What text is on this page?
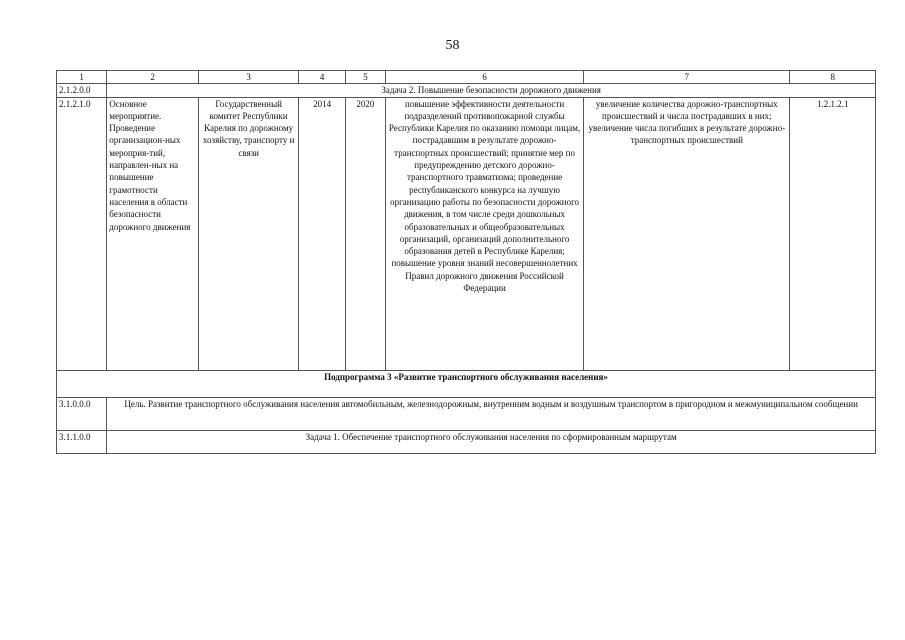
58
1	2	3	4	5	6	7	8
2.1.2.0.0	Задача 2. Повышение безопасности дорожного движения						
2.1.2.1.0	Основное мероприятие. Проведение организацион-ных мероприя-тий, направлен-ных на повышение грамотности населения в области безопасности дорожного движения	Государственный комитет Республики Карелия по дорожному хозяйству, транспорту и связи	2014	2020	повышение эффективности деятельности подразделений противопожарной службы Республики Карелия по оказанию помощи лицам, пострадавшим в результате дорожно-транспортных происшествий; принятие мер по предупреждению детского дорожно-транспортного травматизма; проведение республиканского конкурса на лучшую организацию работы по безопасности дорожного движения, в том числе среди дошкольных образовательных и общеобразовательных организаций, организаций дополнительного образования детей в Республике Карелия; повышение уровня знаний несовершеннолетних Правил дорожного движения Российской Федерации	увеличение количества дорожно-транспортных происшествий и числа пострадавших в них; увеличение числа погибших в результате дорожно-транспортных происшествий	1.2.1.2.1
Подпрограмма 3 «Развитие транспортного обслуживания населения»							
3.1.0.0.0	Цель. Развитие транспортного обслуживания населения автомобильным, железнодорожным, внутренним водным и воздушным транспортом в пригородном и межмуниципальном сообщении						
3.1.1.0.0	Задача 1. Обеспечение транспортного обслуживания населения по сформированным маршрутам						
